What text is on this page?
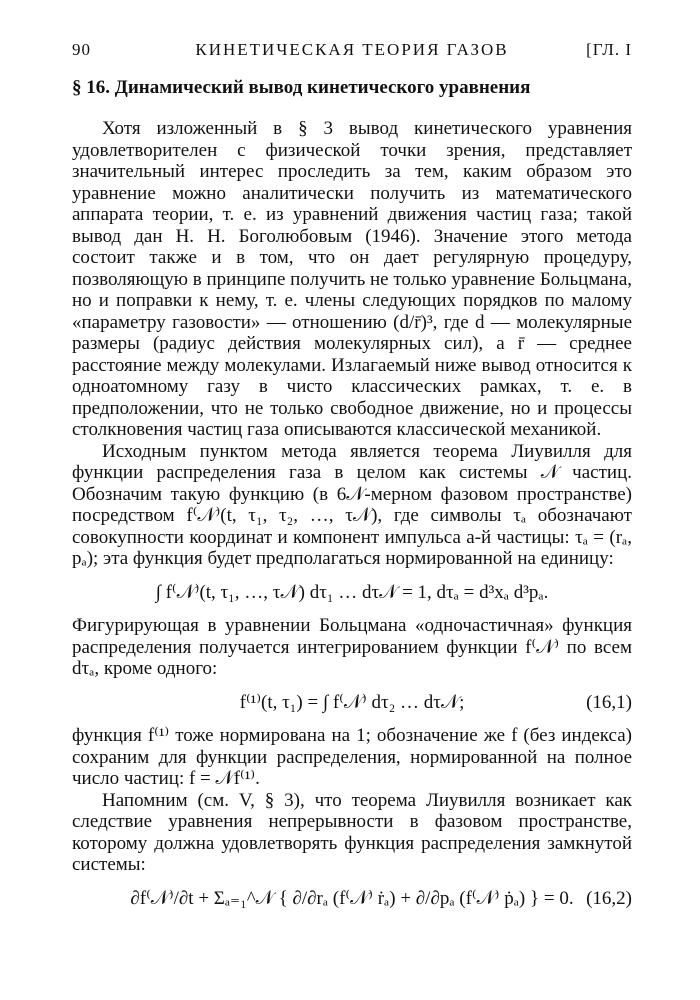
90	КИНЕТИЧЕСКАЯ ТЕОРИЯ ГАЗОВ	[ГЛ. I
§ 16. Динамический вывод кинетического уравнения

Хотя изложенный в § 3 вывод кинетического уравнения удовлетворителен с физической точки зрения, представляет значительный интерес проследить за тем, каким образом это уравнение можно аналитически получить из математического аппарата теории, т. е. из уравнений движения частиц газа; такой вывод дан Н. Н. Боголюбовым (1946). Значение этого метода состоит также и в том, что он дает регулярную процедуру, позволяющую в принципе получить не только уравнение Больцмана, но и поправки к нему, т. е. члены следующих порядков по малому «параметру газовости» — отношению (d/r̄)³, где d — молекулярные размеры (радиус действия молекулярных сил), а r̄ — среднее расстояние между молекулами. Излагаемый ниже вывод относится к одноатомному газу в чисто классических рамках, т. е. в предположении, что не только свободное движение, но и процессы столкновения частиц газа описываются классической механикой.

Исходным пунктом метода является теорема Лиувилля для функции распределения газа в целом как системы 𝒩 частиц. Обозначим такую функцию (в 6𝒩-мерном фазовом пространстве) посредством f⁽𝒩⁾(t, τ₁, τ₂, …, τ𝒩), где символы τₐ обозначают совокупности координат и компонент импульса a-й частицы: τₐ = (rₐ, pₐ); эта функция будет предполагаться нормированной на единицу:

∫ f⁽𝒩⁾(t, τ₁, …, τ𝒩) dτ₁ … dτ𝒩 = 1, dτₐ = d³xₐ d³pₐ.

Фигурирующая в уравнении Больцмана «одночастичная» функция распределения получается интегрированием функции f⁽𝒩⁾ по всем dτₐ, кроме одного:

f⁽¹⁾(t, τ₁) = ∫ f⁽𝒩⁾ dτ₂ … dτ𝒩;	(16,1)

функция f⁽¹⁾ тоже нормирована на 1; обозначение же f (без индекса) сохраним для функции распределения, нормированной на полное число частиц: f = 𝒩f⁽¹⁾.

Напомним (см. V, § 3), что теорема Лиувилля возникает как следствие уравнения непрерывности в фазовом пространстве, которому должна удовлетворять функция распределения замкнутой системы:

∂f⁽𝒩⁾/∂t + Σₐ₌₁^𝒩 { ∂/∂rₐ (f⁽𝒩⁾ ṙₐ) + ∂/∂pₐ (f⁽𝒩⁾ ṗₐ) } = 0. (16,2)
